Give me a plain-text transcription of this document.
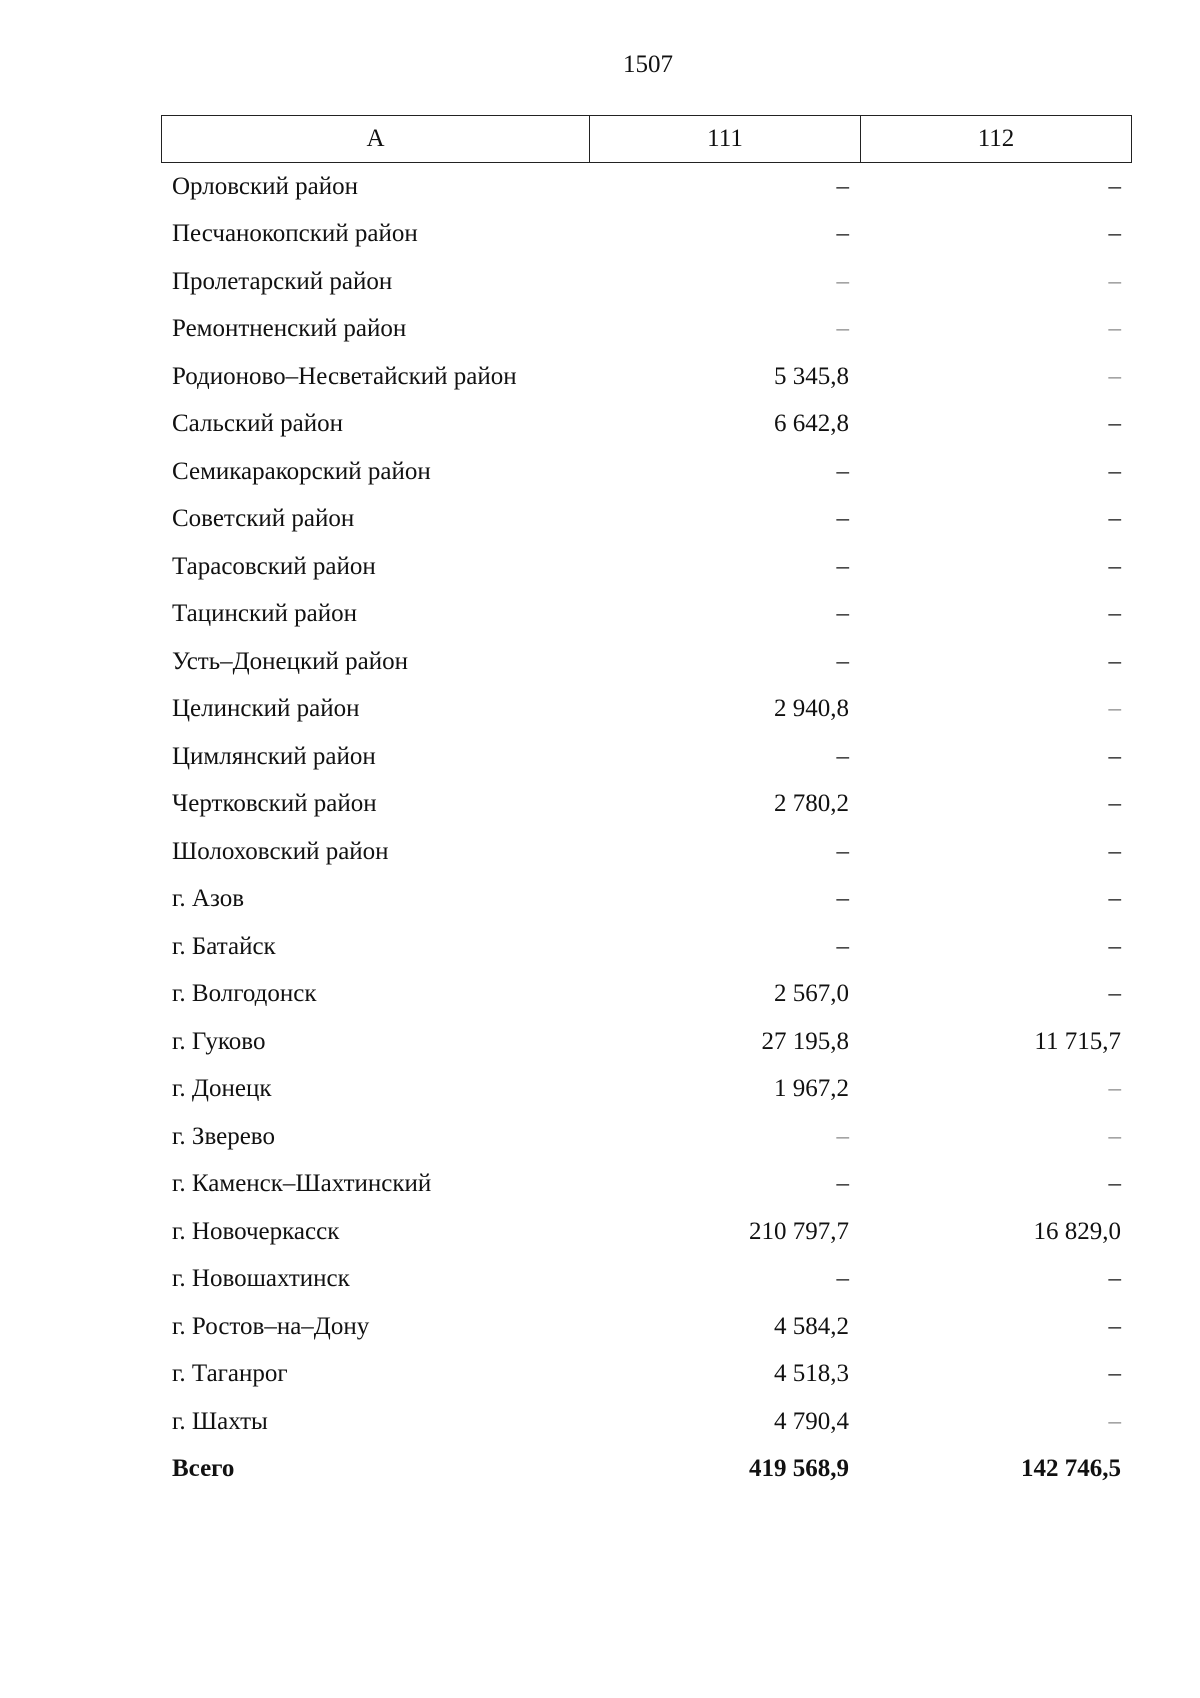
1507
А	111	112
Орловский район	–	–
Песчанокопский район	–	–
Пролетарский район	–	–
Ремонтненский район	–	–
Родионово–Несветайский район	5 345,8	–
Сальский район	6 642,8	–
Семикаракорский район	–	–
Советский район	–	–
Тарасовский район	–	–
Тацинский район	–	–
Усть–Донецкий район	–	–
Целинский район	2 940,8	–
Цимлянский район	–	–
Чертковский район	2 780,2	–
Шолоховский район	–	–
г. Азов	–	–
г. Батайск	–	–
г. Волгодонск	2 567,0	–
г. Гуково	27 195,8	11 715,7
г. Донецк	1 967,2	–
г. Зверево	–	–
г. Каменск–Шахтинский	–	–
г. Новочеркасск	210 797,7	16 829,0
г. Новошахтинск	–	–
г. Ростов–на–Дону	4 584,2	–
г. Таганрог	4 518,3	–
г. Шахты	4 790,4	–
Всего	419 568,9	142 746,5
